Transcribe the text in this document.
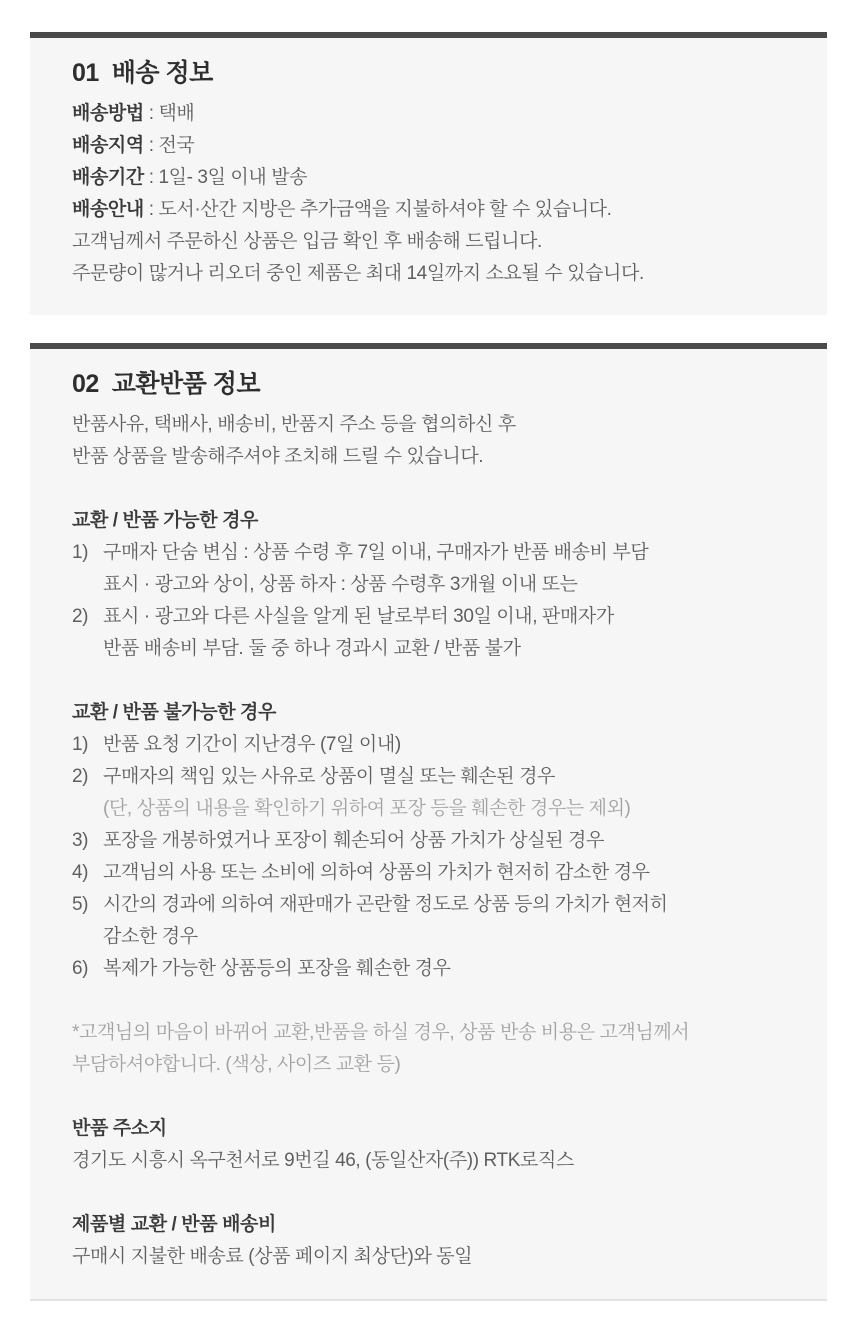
01  배송 정보
배송방법 : 택배
배송지역 : 전국
배송기간 : 1일- 3일 이내 발송
배송안내 : 도서·산간 지방은 추가금액을 지불하셔야 할 수 있습니다.
고객님께서 주문하신 상품은 입금 확인 후 배송해 드립니다.
주문량이 많거나 리오더 중인 제품은 최대 14일까지 소요될 수 있습니다.
02  교환반품 정보
반품사유, 택배사, 배송비, 반품지 주소 등을 협의하신 후
반품 상품을 발송해주셔야 조치해 드릴 수 있습니다.
교환 / 반품 가능한 경우
1) 구매자 단숨 변심 : 상품 수령 후 7일 이내, 구매자가 반품 배송비 부담
표시 · 광고와 상이, 상품 하자 : 상품 수령후 3개월 이내 또는
2) 표시 · 광고와 다른 사실을 알게 된 날로부터 30일 이내, 판매자가
반품 배송비 부담. 둘 중 하나 경과시 교환 / 반품 불가
교환 / 반품 불가능한 경우
1) 반품 요청 기간이 지난경우 (7일 이내)
2) 구매자의 책임 있는 사유로 상품이 멸실 또는 훼손된 경우
(단, 상품의 내용을 확인하기 위하여 포장 등을 훼손한 경우는 제외)
3) 포장을 개봉하였거나 포장이 훼손되어 상품 가치가 상실된 경우
4) 고객님의 사용 또는 소비에 의하여 상품의 가치가 현저히 감소한 경우
5) 시간의 경과에 의하여 재판매가 곤란할 정도로 상품 등의 가치가 현저히
감소한 경우
6) 복제가 가능한 상품등의 포장을 훼손한 경우
*고객님의 마음이 바뀌어 교환,반품을 하실 경우, 상품 반송 비용은 고객님께서
부담하셔야합니다. (색상, 사이즈 교환 등)
반품 주소지
경기도 시흥시 옥구천서로 9번길 46, (동일산자(주)) RTK로직스
제품별 교환 / 반품 배송비
구매시 지불한 배송료 (상품 페이지 최상단)와 동일
